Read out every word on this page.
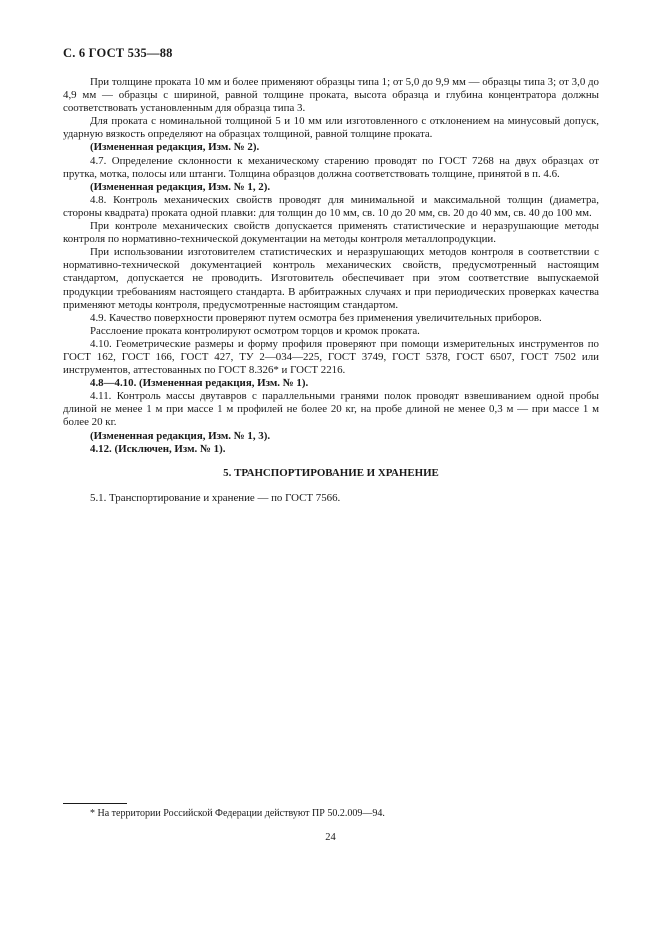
С. 6 ГОСТ 535—88

При толщине проката 10 мм и более применяют образцы типа 1; от 5,0 до 9,9 мм — образцы типа 3; от 3,0 до 4,9 мм — образцы с шириной, равной толщине проката, высота образца и глубина концентратора должны соответствовать установленным для образца типа 3.

Для проката с номинальной толщиной 5 и 10 мм или изготовленного с отклонением на минусовый допуск, ударную вязкость определяют на образцах толщиной, равной толщине проката.

(Измененная редакция, Изм. № 2).

4.7. Определение склонности к механическому старению проводят по ГОСТ 7268 на двух образцах от прутка, мотка, полосы или штанги. Толщина образцов должна соответствовать толщине, принятой в п. 4.6.

(Измененная редакция, Изм. № 1, 2).

4.8. Контроль механических свойств проводят для минимальной и максимальной толщин (диаметра, стороны квадрата) проката одной плавки: для толщин до 10 мм, св. 10 до 20 мм, св. 20 до 40 мм, св. 40 до 100 мм.

При контроле механических свойств допускается применять статистические и неразрушающие методы контроля по нормативно-технической документации на методы контроля металлопродукции.

При использовании изготовителем статистических и неразрушающих методов контроля в соответствии с нормативно-технической документацией контроль механических свойств, предусмотренный настоящим стандартом, допускается не проводить. Изготовитель обеспечивает при этом соответствие выпускаемой продукции требованиям настоящего стандарта. В арбитражных случаях и при периодических проверках качества применяют методы контроля, предусмотренные настоящим стандартом.

4.9. Качество поверхности проверяют путем осмотра без применения увеличительных приборов.

Расслоение проката контролируют осмотром торцов и кромок проката.

4.10. Геометрические размеры и форму профиля проверяют при помощи измерительных инструментов по ГОСТ 162, ГОСТ 166, ГОСТ 427, ТУ 2—034—225, ГОСТ 3749, ГОСТ 5378, ГОСТ 6507, ГОСТ 7502 или инструментов, аттестованных по ГОСТ 8.326* и ГОСТ 2216.

4.8—4.10. (Измененная редакция, Изм. № 1).

4.11. Контроль массы двутавров с параллельными гранями полок проводят взвешиванием одной пробы длиной не менее 1 м при массе 1 м профилей не более 20 кг, на пробе длиной не менее 0,3 м — при массе 1 м более 20 кг.

(Измененная редакция, Изм. № 1, 3).

4.12. (Исключен, Изм. № 1).

5. ТРАНСПОРТИРОВАНИЕ И ХРАНЕНИЕ

5.1. Транспортирование и хранение — по ГОСТ 7566.

* На территории Российской Федерации действуют ПР 50.2.009—94.
24
